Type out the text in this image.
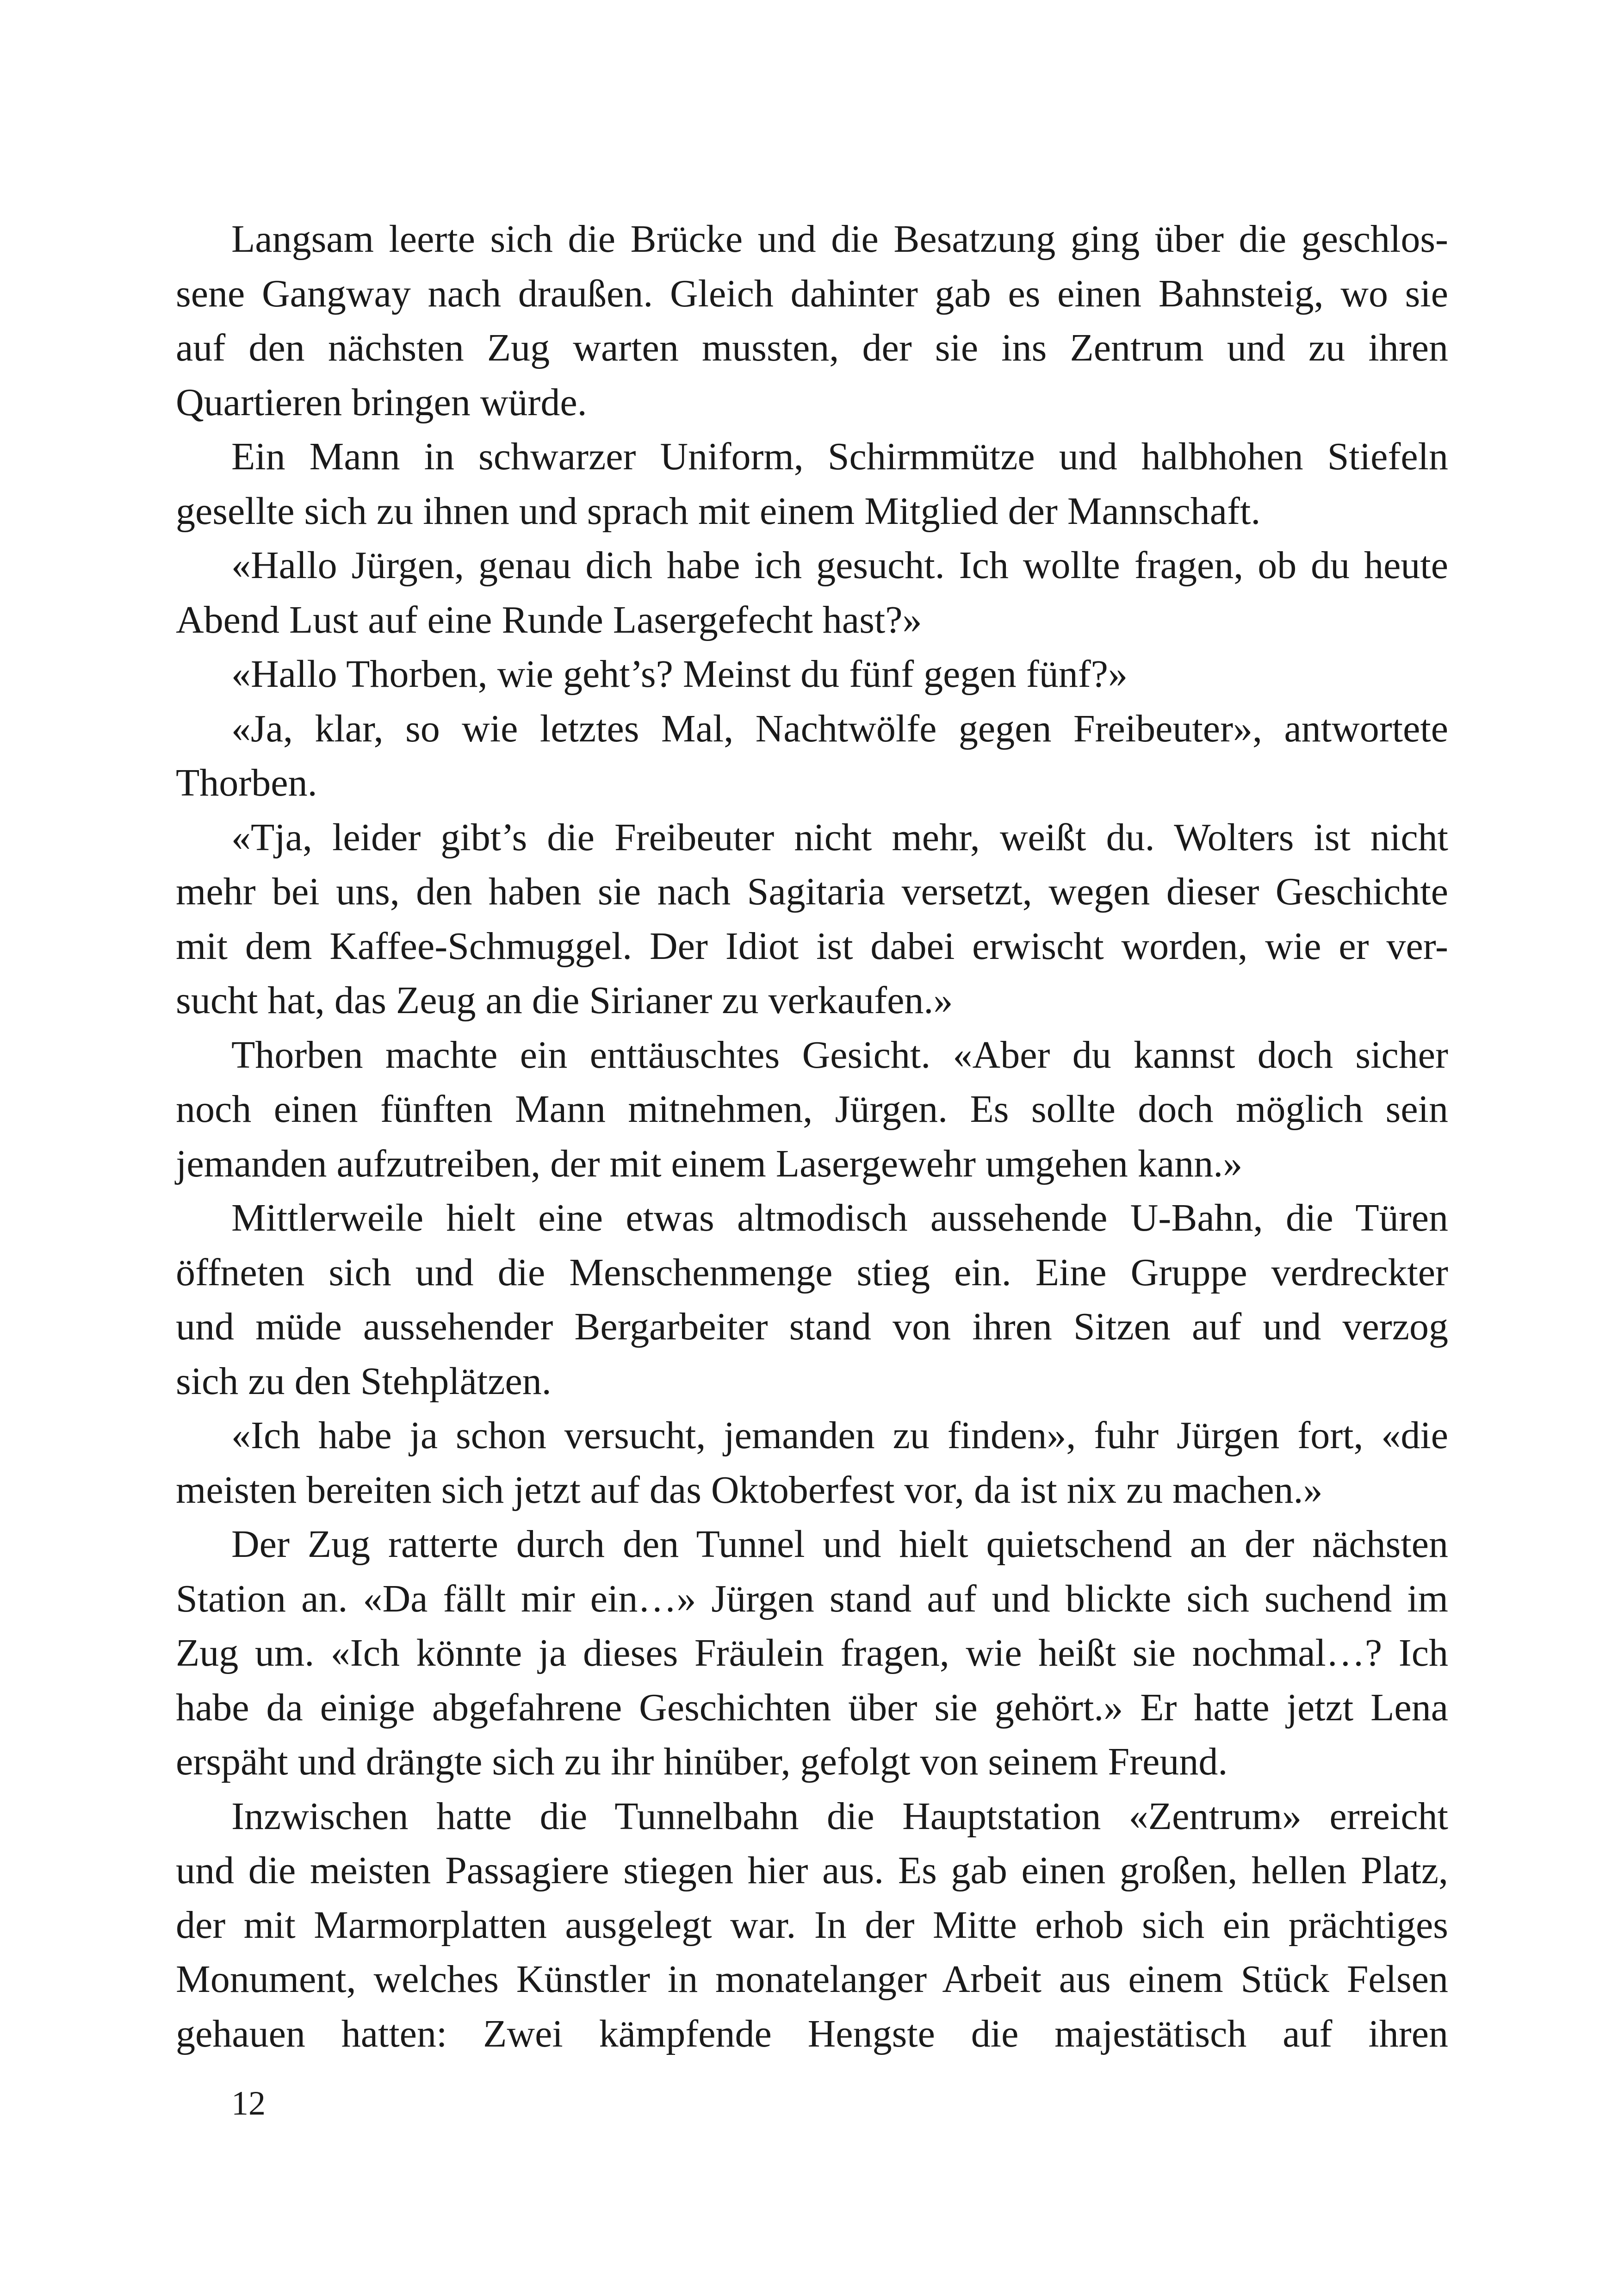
Langsam leerte sich die Brücke und die Besatzung ging über die geschlos-
sene Gangway nach draußen. Gleich dahinter gab es einen Bahnsteig, wo sie
auf den nächsten Zug warten mussten, der sie ins Zentrum und zu ihren
Quartieren bringen würde.
Ein Mann in schwarzer Uniform, Schirmmütze und halbhohen Stiefeln
gesellte sich zu ihnen und sprach mit einem Mitglied der Mannschaft.
«Hallo Jürgen, genau dich habe ich gesucht. Ich wollte fragen, ob du heute
Abend Lust auf eine Runde Lasergefecht hast?»
«Hallo Thorben, wie geht’s? Meinst du fünf gegen fünf?»
«Ja, klar, so wie letztes Mal, Nachtwölfe gegen Freibeuter», antwortete
Thorben.
«Tja, leider gibt’s die Freibeuter nicht mehr, weißt du. Wolters ist nicht
mehr bei uns, den haben sie nach Sagitaria versetzt, wegen dieser Geschichte
mit dem Kaffee-Schmuggel. Der Idiot ist dabei erwischt worden, wie er ver-
sucht hat, das Zeug an die Sirianer zu verkaufen.»
Thorben machte ein enttäuschtes Gesicht. «Aber du kannst doch sicher
noch einen fünften Mann mitnehmen, Jürgen. Es sollte doch möglich sein
jemanden aufzutreiben, der mit einem Lasergewehr umgehen kann.»
Mittlerweile hielt eine etwas altmodisch aussehende U-Bahn, die Türen
öffneten sich und die Menschenmenge stieg ein. Eine Gruppe verdreckter
und müde aussehender Bergarbeiter stand von ihren Sitzen auf und verzog
sich zu den Stehplätzen.
«Ich habe ja schon versucht, jemanden zu finden», fuhr Jürgen fort, «die
meisten bereiten sich jetzt auf das Oktoberfest vor, da ist nix zu machen.»
Der Zug ratterte durch den Tunnel und hielt quietschend an der nächsten
Station an. «Da fällt mir ein…» Jürgen stand auf und blickte sich suchend im
Zug um. «Ich könnte ja dieses Fräulein fragen, wie heißt sie nochmal…? Ich
habe da einige abgefahrene Geschichten über sie gehört.» Er hatte jetzt Lena
erspäht und drängte sich zu ihr hinüber, gefolgt von seinem Freund.
Inzwischen hatte die Tunnelbahn die Hauptstation «Zentrum» erreicht
und die meisten Passagiere stiegen hier aus. Es gab einen großen, hellen Platz,
der mit Marmorplatten ausgelegt war. In der Mitte erhob sich ein prächtiges
Monument, welches Künstler in monatelanger Arbeit aus einem Stück Felsen
gehauen hatten: Zwei kämpfende Hengste die majestätisch auf ihren
12
